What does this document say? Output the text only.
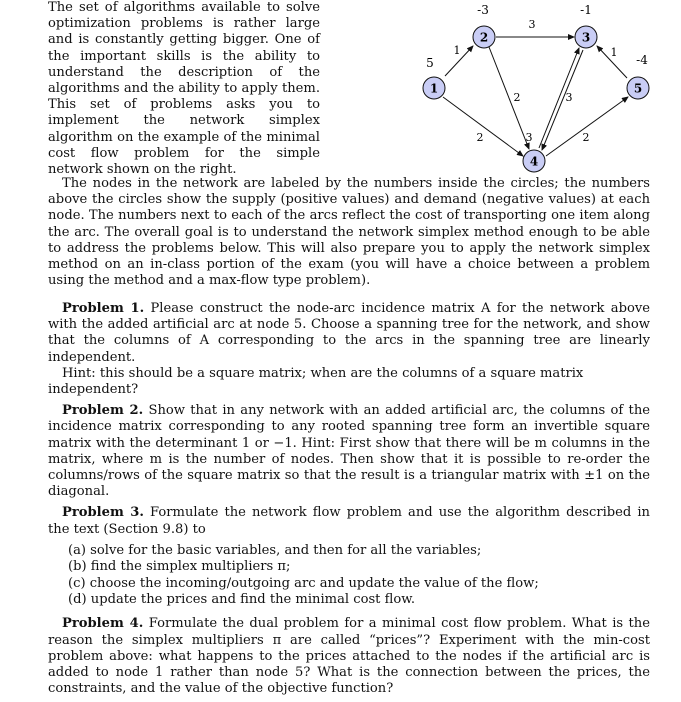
The set of algorithms available to solve optimization problems is rather large and is constantly getting bigger. One of the important skills is the ability to understand the description of the algorithms and the ability to apply them. This set of problems asks you to implement the network simplex algorithm on the example of the minimal cost flow problem for the simple network shown on the right.

1
2	3
4
5
5
-3	-1
-4
1
3
1
2	3
2	3	2

The nodes in the network are labeled by the numbers inside the circles; the numbers above the circles show the supply (positive values) and demand (negative values) at each node. The numbers next to each of the arcs reflect the cost of transporting one item along the arc. The overall goal is to understand the network simplex method enough to be able to address the problems below. This will also prepare you to apply the network simplex method on an in-class portion of the exam (you will have a choice between a problem using the method and a max-flow type problem).

Problem 1. Please construct the node-arc incidence matrix A for the network above with the added artificial arc at node 5. Choose a spanning tree for the network, and show that the columns of A corresponding to the arcs in the spanning tree are linearly independent.

Hint: this should be a square matrix; when are the columns of a square matrix independent?

Problem 2. Show that in any network with an added artificial arc, the columns of the incidence matrix corresponding to any rooted spanning tree form an invertible square matrix with the determinant 1 or −1. Hint: First show that there will be m columns in the matrix, where m is the number of nodes. Then show that it is possible to re-order the columns/rows of the square matrix so that the result is a triangular matrix with ±1 on the diagonal.

Problem 3. Formulate the network flow problem and use the algorithm described in the text (Section 9.8) to

(a) solve for the basic variables, and then for all the variables;
(b) find the simplex multipliers π;
(c) choose the incoming/outgoing arc and update the value of the flow;
(d) update the prices and find the minimal cost flow.

Problem 4. Formulate the dual problem for a minimal cost flow problem. What is the reason the simplex multipliers π are called “prices”? Experiment with the min-cost problem above: what happens to the prices attached to the nodes if the artificial arc is added to node 1 rather than node 5? What is the connection between the prices, the constraints, and the value of the objective function?
